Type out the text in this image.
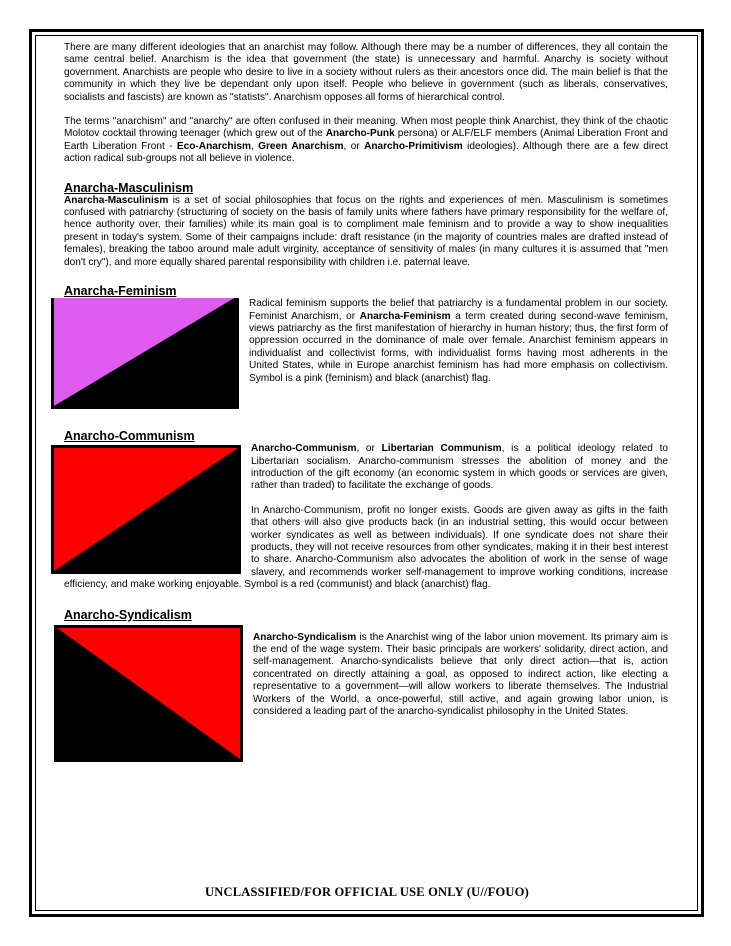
There are many different ideologies that an anarchist may follow. Although there may be a number of differences, they all contain the same central belief. Anarchism is the idea that government (the state) is unnecessary and harmful. Anarchy is society without government. Anarchists are people who desire to live in a society without rulers as their ancestors once did. The main belief is that the community in which they live be dependant only upon itself. People who believe in government (such as liberals, conservatives, socialists and fascists) are known as "statists". Anarchism opposes all forms of hierarchical control.

The terms "anarchism" and "anarchy" are often confused in their meaning. When most people think Anarchist, they think of the chaotic Molotov cocktail throwing teenager (which grew out of the Anarcho-Punk persona) or ALF/ELF members (Animal Liberation Front and Earth Liberation Front - Eco-Anarchism, Green Anarchism, or Anarcho-Primitivism ideologies). Although there are a few direct action radical sub-groups not all believe in violence.

Anarcha-Masculinism

Anarcha-Masculinism is a set of social philosophies that focus on the rights and experiences of men. Masculinism is sometimes confused with patriarchy (structuring of society on the basis of family units where fathers have primary responsibility for the welfare of, hence authority over, their families) while its main goal is to compliment male feminism and to provide a way to show inequalities present in today's system. Some of their campaigns include: draft resistance (in the majority of countries males are drafted instead of females), breaking the taboo around male adult virginity, acceptance of sensitivity of males (in many cultures it is assumed that "men don't cry"), and more equally shared parental responsibility with children i.e. paternal leave.

Anarcha-Feminism

Radical feminism supports the belief that patriarchy is a fundamental problem in our society. Feminist Anarchism, or Anarcha-Feminism a term created during second-wave feminism, views patriarchy as the first manifestation of hierarchy in human history; thus, the first form of oppression occurred in the dominance of male over female. Anarchist feminism appears in individualist and collectivist forms, with individualist forms having most adherents in the United States, while in Europe anarchist feminism has had more emphasis on collectivism. Symbol is a pink (feminism) and black (anarchist) flag.

Anarcho-Communism

Anarcho-Communism, or Libertarian Communism, is a political ideology related to Libertarian socialism. Anarcho-communism stresses the abolition of money and the introduction of the gift economy (an economic system in which goods or services are given, rather than traded) to facilitate the exchange of goods.

In Anarcho-Communism, profit no longer exists. Goods are given away as gifts in the faith that others will also give products back (in an industrial setting, this would occur between worker syndicates as well as between individuals). If one syndicate does not share their products, they will not receive resources from other syndicates, making it in their best interest to share. Anarcho-Communism also advocates the abolition of work in the sense of wage slavery, and recommends worker self-management to improve working conditions, increase efficiency, and make working enjoyable. Symbol is a red (communist) and black (anarchist) flag.

Anarcho-Syndicalism

Anarcho-Syndicalism is the Anarchist wing of the labor union movement. Its primary aim is the end of the wage system. Their basic principals are workers' solidarity, direct action, and self-management. Anarcho-syndicalists believe that only direct action—that is, action concentrated on directly attaining a goal, as opposed to indirect action, like electing a representative to a government—will allow workers to liberate themselves. The Industrial Workers of the World, a once-powerful, still active, and again growing labor union, is considered a leading part of the anarcho-syndicalist philosophy in the United States.

UNCLASSIFIED/FOR OFFICIAL USE ONLY (U//FOUO)
